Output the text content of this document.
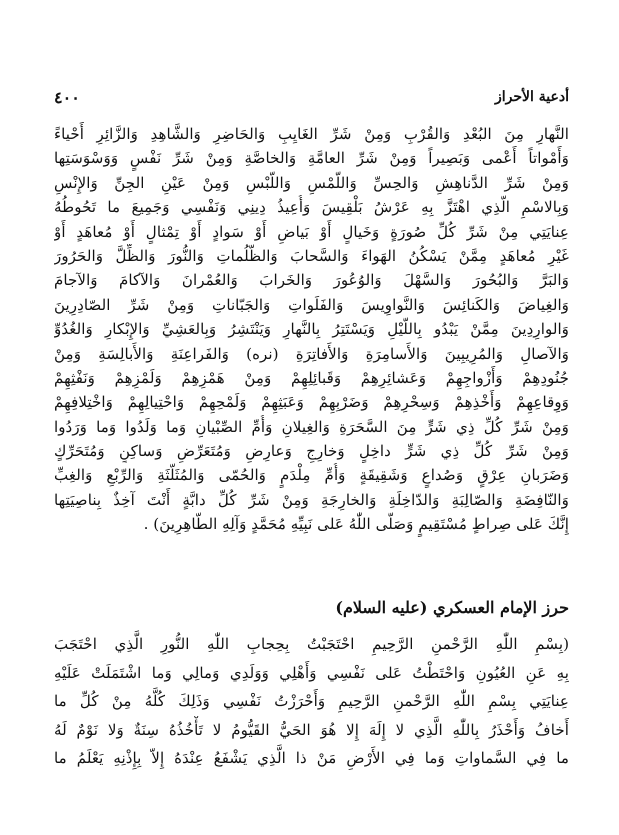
٤٠٠	أدعية الأحراز
النَّهارِ مِنَ البُعْدِ وَالقُرْبِ وَمِنْ شَرِّ الغَايِبِ وَالحَاضِرِ وَالشَّاهِدِ وَالزَّائِرِ أَحْياءً
وَأَمْواتاً أَعْمى وَبَصِيراً وَمِنْ شَرِّ العامَّةِ وَالخاصَّةِ وَمِنْ شَرِّ نَفْسٍ وَوَسْوَسَتِها
وَمِنْ شَرِّ الدَّناهِشِ وَالحِسِّ وَاللَّمْسِ وَاللُّبْسِ وَمِنْ عَيْنِ الجِنِّ وَالإِنْسِ
وَبِالاسْمِ الَّذِي اهْتَزَّ بِهِ عَرْشُ بَلْقِيسَ وَأُعِيذُ دِينِي وَنَفْسِي وَجَمِيعَ ما تَحُوطُهُ
عِنايَتِي مِنْ شَرِّ كُلِّ صُورَةٍ وَخَيالٍ أَوْ بَياضٍ أَوْ سَوادٍ أَوْ تِمْثالٍ أَوْ مُعاهَدٍ أَوْ
غَيْرِ مُعاهَدٍ مِمَّنْ يَسْكُنُ الهَواءَ وَالسَّحابَ وَالظُّلُماتِ وَالنُّورَ وَالظِّلَّ وَالحَرُورَ
وَالبَرَّ وَالبُحُورَ وَالسَّهْلَ وَالوُعُورَ وَالخَرابَ وَالعُمْرانَ وَالآكامَ وَالآجامَ
وَالغِياضَ وَالكَنائِسَ وَالنَّواوِيسَ وَالفَلَواتِ وَالجَبّاناتِ وَمِنْ شَرِّ الصّادِرِينَ
وَالوارِدِينَ مِمَّنْ يَبْدُو بِاللَّيْلِ وَيَسْتَتِرُ بِالنَّهارِ وَيَنْتَشِرُ وَبِالعَشِيِّ وَالإِبْكارِ وَالغُدُوِّ
وَالآصالِ وَالمُرِيبِينَ وَالأَسامِرَةِ وَالأَفاتِرَةِ (نره) وَالفَراعِنَةِ وَالأَبالِسَةِ وَمِنْ
جُنُودِهِمْ وَأَزْواجِهِمْ وَعَشائِرِهِمْ وَقَبائِلِهِمْ وَمِنْ هَمْزِهِمْ وَلَمْزِهِمْ وَنَفْثِهِمْ
وَوِقاعِهِمْ وَأَخْذِهِمْ وَسِحْرِهِمْ وَضَرْبِهِمْ وَعَبَثِهِمْ وَلَمْحِهِمْ وَاحْتِيالِهِمْ وَاخْتِلافِهِمْ
وَمِنْ شَرِّ كُلِّ ذِي شَرٍّ مِنَ السَّحَرَةِ وَالغِيلانِ وَأُمِّ الصِّبْيانِ وَما وَلَدُوا وَما وَرَدُوا
وَمِنْ شَرِّ كُلِّ ذِي شَرٍّ داخِلٍ وَخارِجٍ وَعارِضٍ وَمُتَعَرِّضٍ وَساكِنٍ وَمُتَحَرِّكٍ
وَضَرَبانِ عِرْقٍ وَصُداعٍ وَشَقِيقَةٍ وَأُمِّ مِلْدَمٍ وَالحُمّى وَالمُثَلَّثَةِ وَالرِّبْعِ وَالغِبِّ
وَالنّافِضَةِ وَالصّالِبَةِ وَالدّاخِلَةِ وَالخارِجَةِ وَمِنْ شَرِّ كُلِّ دابَّةٍ أَنْتَ آخِذٌ بِناصِيَتِها
إِنَّكَ عَلى صِراطٍ مُسْتَقِيمٍ وَصَلَّى اللّٰهُ عَلى نَبِيِّهِ مُحَمَّدٍ وَآلِهِ الطّاهِرِينَ) .
حرز الإمام العسكري (عليه السلام)
(بِسْمِ اللّٰهِ الرَّحْمنِ الرَّحِيمِ احْتَجَبْتُ بِحِجابِ اللّٰهِ النُّورِ الَّذِي احْتَجَبَ
بِهِ عَنِ العُيُونِ وَاحْتَطْتُ عَلى نَفْسِي وَأَهْلِي وَوَلَدِي وَمالِي وَما اشْتَمَلَتْ عَلَيْهِ
عِنايَتِي بِسْمِ اللّٰهِ الرَّحْمنِ الرَّحِيمِ وَأَحْرَزْتُ نَفْسِي وَذَلِكَ كُلَّهُ مِنْ كُلِّ ما
أَخافُ وَأَحْذَرُ بِاللّٰهِ الَّذِي لا إِلَهَ إِلا هُوَ الحَيُّ القَيُّومُ لا تَأْخُذُهُ سِنَةٌ وَلا نَوْمٌ لَهُ
ما فِي السَّماواتِ وَما فِي الأَرْضِ مَنْ ذا الَّذِي يَشْفَعُ عِنْدَهُ إِلاّ بِإِذْنِهِ يَعْلَمُ ما
